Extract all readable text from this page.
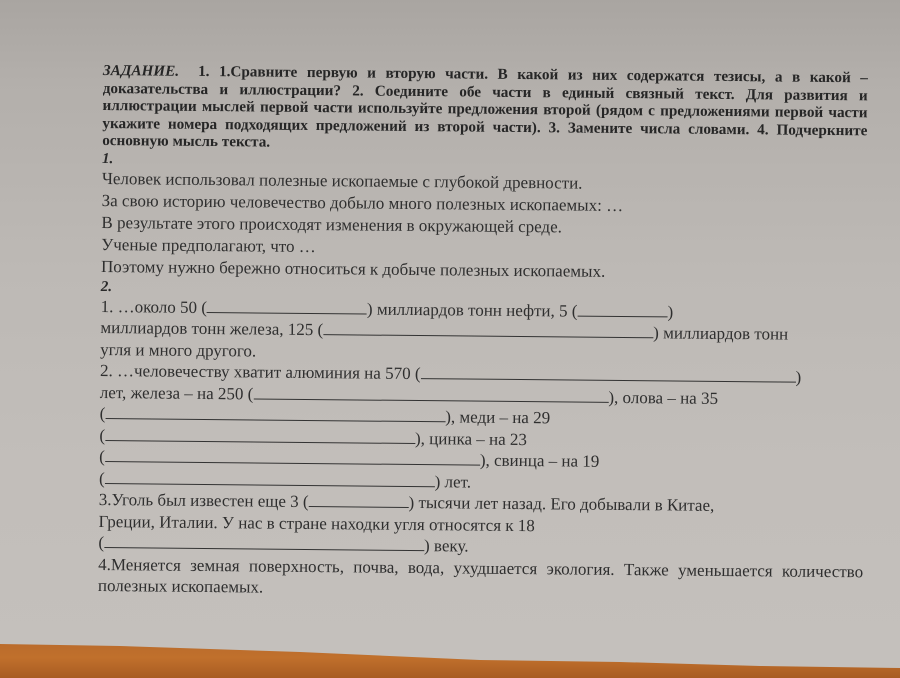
ЗАДАНИЕ. 1. 1.Сравните первую и вторую части. В какой из них содержатся тезисы, а в какой – доказательства и иллюстрации? 2. Соедините обе части в единый связный текст. Для развития и иллюстрации мыслей первой части используйте предложения второй (рядом с предложениями первой части укажите номера подходящих предложений из второй части). 3. Замените числа словами. 4. Подчеркните основную мысль текста.
1.
Человек использовал полезные ископаемые с глубокой древности.
За свою историю человечество добыло много полезных ископаемых: …
В результате этого происходят изменения в окружающей среде.
Ученые предполагают, что …
Поэтому нужно бережно относиться к добыче полезных ископаемых.
2.
1. …около 50 (	) миллиардов тонн нефти, 5 (	)
миллиардов тонн железа, 125 (	) миллиардов тонн
угля и много другого.
2. …человечеству хватит алюминия на 570 (	)
лет, железа – на 250 (	), олова – на 35
(	), меди – на 29
(	), цинка – на 23
(	), свинца – на 19
(	) лет.
3.Уголь был известен еще 3 (	) тысячи лет назад. Его добывали в Китае,
Греции, Италии. У нас в стране находки угля относятся к 18
(	) веку.
4.Меняется земная поверхность, почва, вода, ухудшается экология. Также уменьшается количество полезных ископаемых.
